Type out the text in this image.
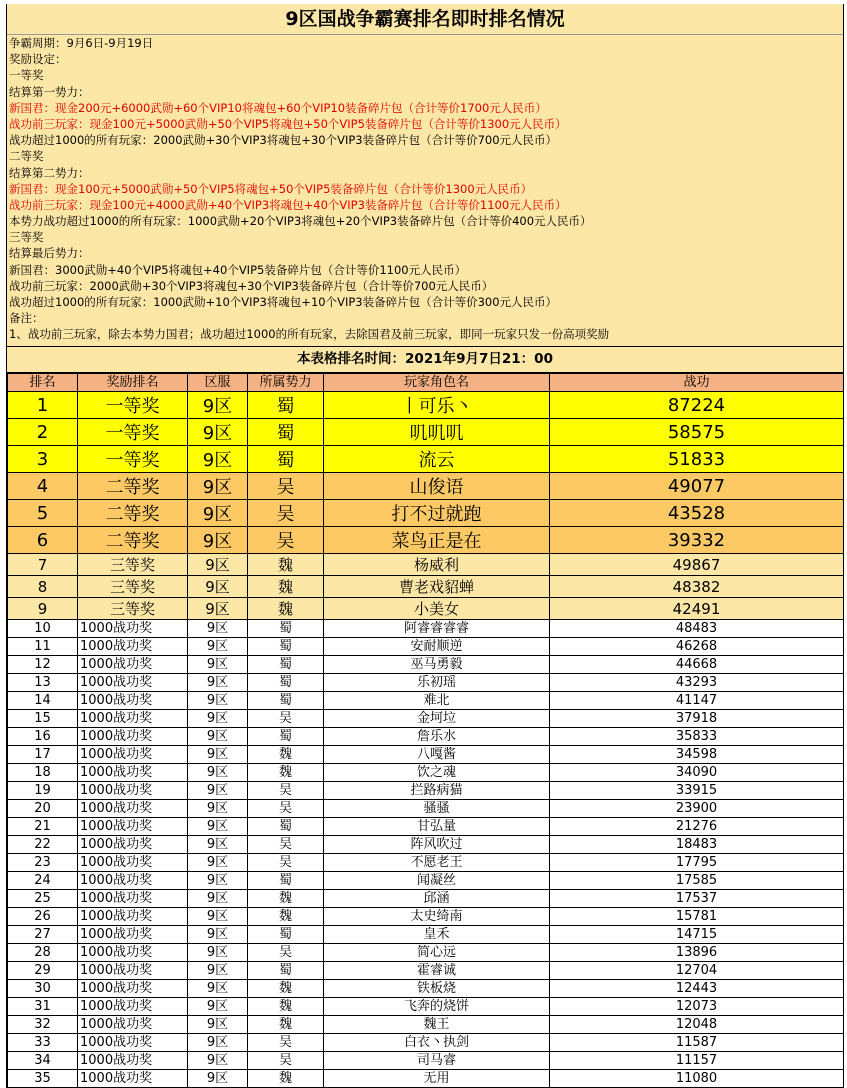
9区国战争霸赛排名即时排名情况
争霸周期：9月6日-9月19日
奖励设定：
一等奖
结算第一势力：
新国君：现金200元+6000武勋+60个VIP10将魂包+60个VIP10装备碎片包（合计等价1700元人民币）
战功前三玩家：现金100元+5000武勋+50个VIP5将魂包+50个VIP5装备碎片包（合计等价1300元人民币）
战功超过1000的所有玩家：2000武勋+30个VIP3将魂包+30个VIP3装备碎片包（合计等价700元人民币）
二等奖
结算第二势力：
新国君：现金100元+5000武勋+50个VIP5将魂包+50个VIP5装备碎片包（合计等价1300元人民币）
战功前三玩家：现金100元+4000武勋+40个VIP3将魂包+40个VIP3装备碎片包（合计等价1100元人民币）
本势力战功超过1000的所有玩家：1000武勋+20个VIP3将魂包+20个VIP3装备碎片包（合计等价400元人民币）
三等奖
结算最后势力：
新国君：3000武勋+40个VIP5将魂包+40个VIP5装备碎片包（合计等价1100元人民币）
战功前三玩家：2000武勋+30个VIP3将魂包+30个VIP3装备碎片包（合计等价700元人民币）
战功超过1000的所有玩家：1000武勋+10个VIP3将魂包+10个VIP3装备碎片包（合计等价300元人民币）
备注：
1、战功前三玩家，除去本势力国君；战功超过1000的所有玩家，去除国君及前三玩家，即同一玩家只发一份高项奖励
本表格排名时间：2021年9月7日21：00
排名	奖励排名	区服	所属势力	玩家角色名	战功
1	一等奖	9区	蜀	丨可乐丶	87224
2	一等奖	9区	蜀	叽叽叽	58575
3	一等奖	9区	蜀	流云	51833
4	二等奖	9区	吴	山俊语	49077
5	二等奖	9区	吴	打不过就跑	43528
6	二等奖	9区	吴	菜鸟正是在	39332
7	三等奖	9区	魏	杨威利	49867
8	三等奖	9区	魏	曹老戏貂蝉	48382
9	三等奖	9区	魏	小美女	42491
10	1000战功奖	9区	蜀	阿睿睿睿睿	48483
11	1000战功奖	9区	蜀	安耐顺逆	46268
12	1000战功奖	9区	蜀	巫马勇毅	44668
13	1000战功奖	9区	蜀	乐初瑶	43293
14	1000战功奖	9区	蜀	难北	41147
15	1000战功奖	9区	吴	金坷垃	37918
16	1000战功奖	9区	蜀	詹乐水	35833
17	1000战功奖	9区	魏	八嘎酱	34598
18	1000战功奖	9区	魏	饮之魂	34090
19	1000战功奖	9区	吴	拦路病猫	33915
20	1000战功奖	9区	吴	骚骚	23900
21	1000战功奖	9区	蜀	甘弘量	21276
22	1000战功奖	9区	吴	阵风吹过	18483
23	1000战功奖	9区	吴	不愿老王	17795
24	1000战功奖	9区	蜀	闻凝丝	17585
25	1000战功奖	9区	魏	邱涵	17537
26	1000战功奖	9区	魏	太史绮南	15781
27	1000战功奖	9区	蜀	皇禾	14715
28	1000战功奖	9区	吴	简心远	13896
29	1000战功奖	9区	蜀	霍睿诚	12704
30	1000战功奖	9区	魏	铁板烧	12443
31	1000战功奖	9区	魏	飞奔的烧饼	12073
32	1000战功奖	9区	魏	魏王	12048
33	1000战功奖	9区	吴	白衣丶执剑	11587
34	1000战功奖	9区	吴	司马睿	11157
35	1000战功奖	9区	魏	无用	11080
